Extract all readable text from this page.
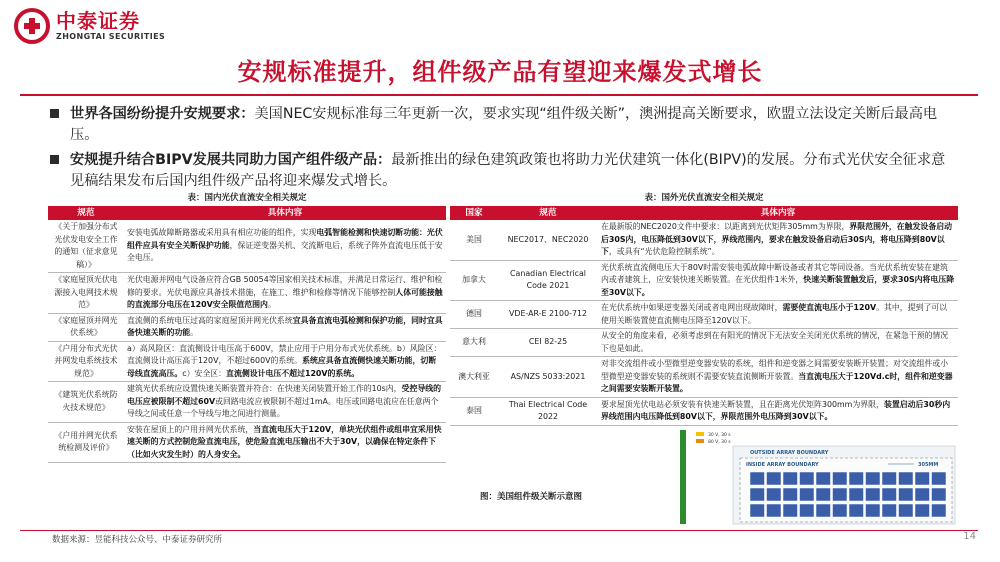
中泰证券
ZHONGTAI SECURITIES
安规标准提升，组件级产品有望迎来爆发式增长
世界各国纷纷提升安规要求：美国NEC安规标准每三年更新一次，要求实现“组件级关断”，澳洲提高关断要求，欧盟立法设定关断后最高电压。
安规提升结合BIPV发展共同助力国产组件级产品：最新推出的绿色建筑政策也将助力光伏建筑一体化(BIPV)的发展。分布式光伏安全征求意见稿结果发布后国内组件级产品将迎来爆发式增长。
表：国内光伏直流安全相关规定	表：国外光伏直流安全相关规定
规范	具体内容
《关于加强分布式光伏发电安全工作的通知（征求意见稿）》	安装电弧故障断路器或采用具有相应功能的组件，实现电弧智能检测和快速切断功能：光伏组件应具有安全关断保护功能，保证逆变器关机、交流断电后，系统子阵外直流电压低于安全电压。
《家庭屋顶光伏电源接入电网技术规范》	光伏电源并网电气设备应符合GB 50054等国家相关技术标准，并满足日常运行、维护和检修的要求。光伏电源应具备技术措施，在施工、维护和检修等情况下能够控制人体可能接触的直流部分电压在120V安全限值范围内。
《家庭屋顶并网光伏系统》	直流侧的系统电压过高的家庭屋顶并网光伏系统宜具备直流电弧检测和保护功能，同时宜具备快速关断的功能。
《户用分布式光伏并网发电系统技术规范》	a）高风险区：直流侧设计电压高于600V，禁止应用于户用分布式光伏系统。b）风险区：直流侧设计高压高于120V，不超过600V的系统。系统应具备直流侧快速关断功能，切断母线直流高压。c）安全区：直流侧设计电压不超过120V的系统。
《建筑光伏系统防火技术规范》	建筑光伏系统应设置快速关断装置并符合：在快速关闭装置开始工作的10s内，受控导线的电压应被限制不超过60V或回路电流应被限制不超过1mA。电压或回路电流应在任意两个导线之间或任意一个导线与地之间进行测量。
《户用并网光伏系统检测及评价》	安装在屋顶上的户用并网光伏系统，当直流电压大于120V，单块光伏组件或组串宜采用快速关断的方式控制危险直流电压，使危险直流电压输出不大于30V，以确保在特定条件下（比如火灾发生时）的人身安全。
国家	规范	具体内容
美国	NEC2017、NEC2020	在最新版的NEC2020文件中要求：以距离到光伏矩阵305mm为界限，界限范围外，在触发设备启动后30S内，电压降低到30V以下，界线范围内，要求在触发设备启动后30S内，将电压降到80V以下，或具有“光伏危险控制系统”。
加拿大	Canadian Electrical Code 2021	光伏系统直流侧电压大于80V时需安装电弧故障中断设备或者其它等同设备。当光伏系统安装在建筑内或者建筑上，应安装快速关断装置。在光伏组件1米外，快速关断装置触发后，要求30S内将电压降至30V以下。
德国	VDE-AR-E 2100-712	在光伏系统中如果逆变器关闭或者电网出现故障时，需要使直流电压小于120V。其中，提到了可以使用关断装置使直流侧电压降至120V以下。
意大利	CEI 82-25	从安全的角度来看，必须考虑到在有阳光的情况下无法安全关闭光伏系统的情况，在紧急干预的情况下也是如此。
澳大利亚	AS/NZS 5033:2021	对非交流组件或小型微型逆变器安装的系统，组件和逆变器之间需要安装断开装置；对交流组件或小型微型逆变器安装的系统则不需要安装直流侧断开装置。当直流电压大于120Vd.c时，组件和逆变器之间需要安装断开装置。
泰国	Thai Electrical Code 2022	要求屋顶光伏电站必须安装有快速关断装置，且在距离光伏矩阵300mm为界限，装置启动后30秒内界线范围内电压降低到80V以下，界限范围外电压降到30V以下。
30 V, 30 s
80 V, 30 s
OUTSIDE ARRAY BOUNDARY
INSIDE ARRAY BOUNDARY	305MM
图：美国组件级关断示意图
数据来源：昱能科技公众号、中泰证券研究所	14
